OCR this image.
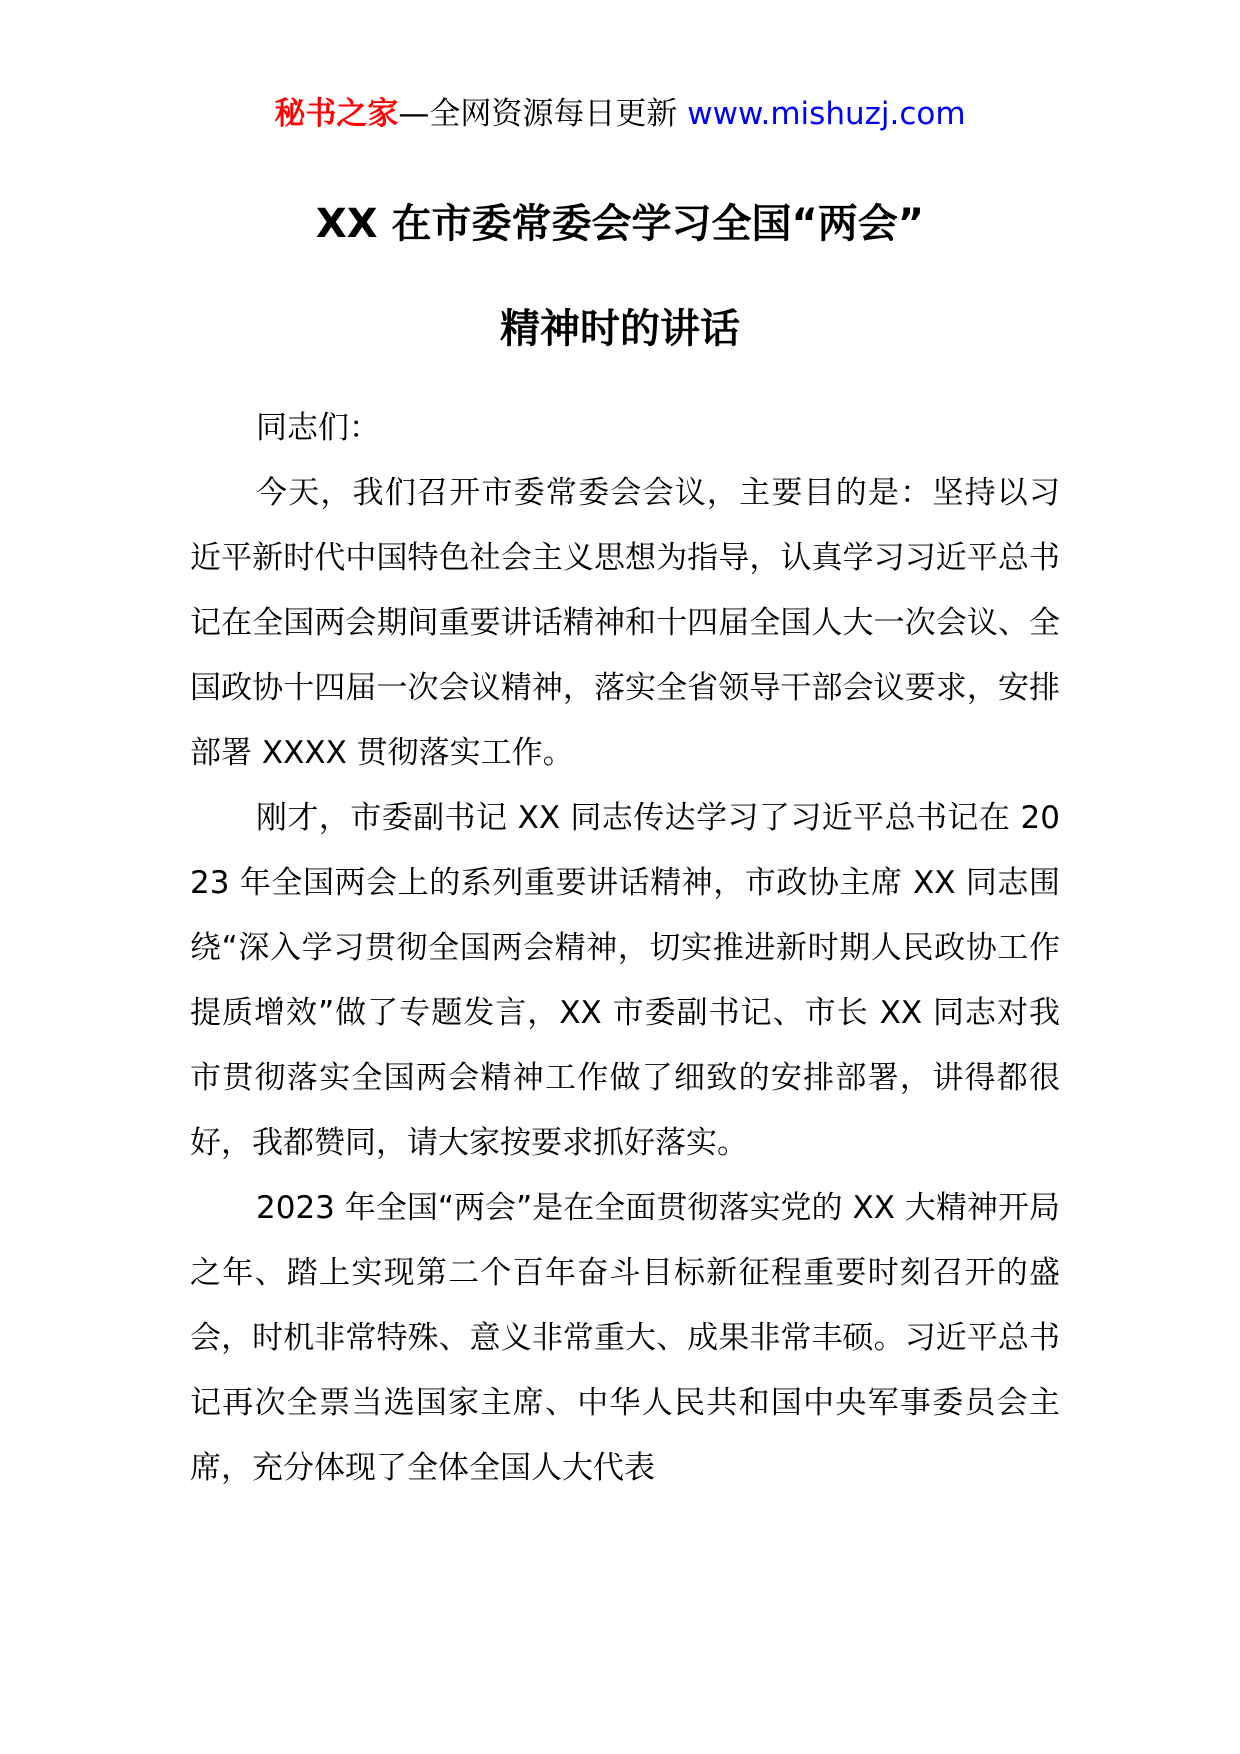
秘书之家—全网资源每日更新 www.mishuzj.com
XX 在市委常委会学习全国“两会”
精神时的讲话

同志们：

今天，我们召开市委常委会会议，主要目的是：坚持以习近平新时代中国特色社会主义思想为指导，认真学习习近平总书记在全国两会期间重要讲话精神和十四届全国人大一次会议、全国政协十四届一次会议精神，落实全省领导干部会议要求，安排部署 XXXX 贯彻落实工作。

刚才，市委副书记 XX 同志传达学习了习近平总书记在 2023 年全国两会上的系列重要讲话精神，市政协主席 XX 同志围绕“深入学习贯彻全国两会精神，切实推进新时期人民政协工作提质增效”做了专题发言，XX 市委副书记、市长 XX 同志对我市贯彻落实全国两会精神工作做了细致的安排部署，讲得都很好，我都赞同，请大家按要求抓好落实。

2023 年全国“两会”是在全面贯彻落实党的 XX 大精神开局之年、踏上实现第二个百年奋斗目标新征程重要时刻召开的盛会，时机非常特殊、意义非常重大、成果非常丰硕。习近平总书记再次全票当选国家主席、中华人民共和国中央军事委员会主席，充分体现了全体全国人大代表
